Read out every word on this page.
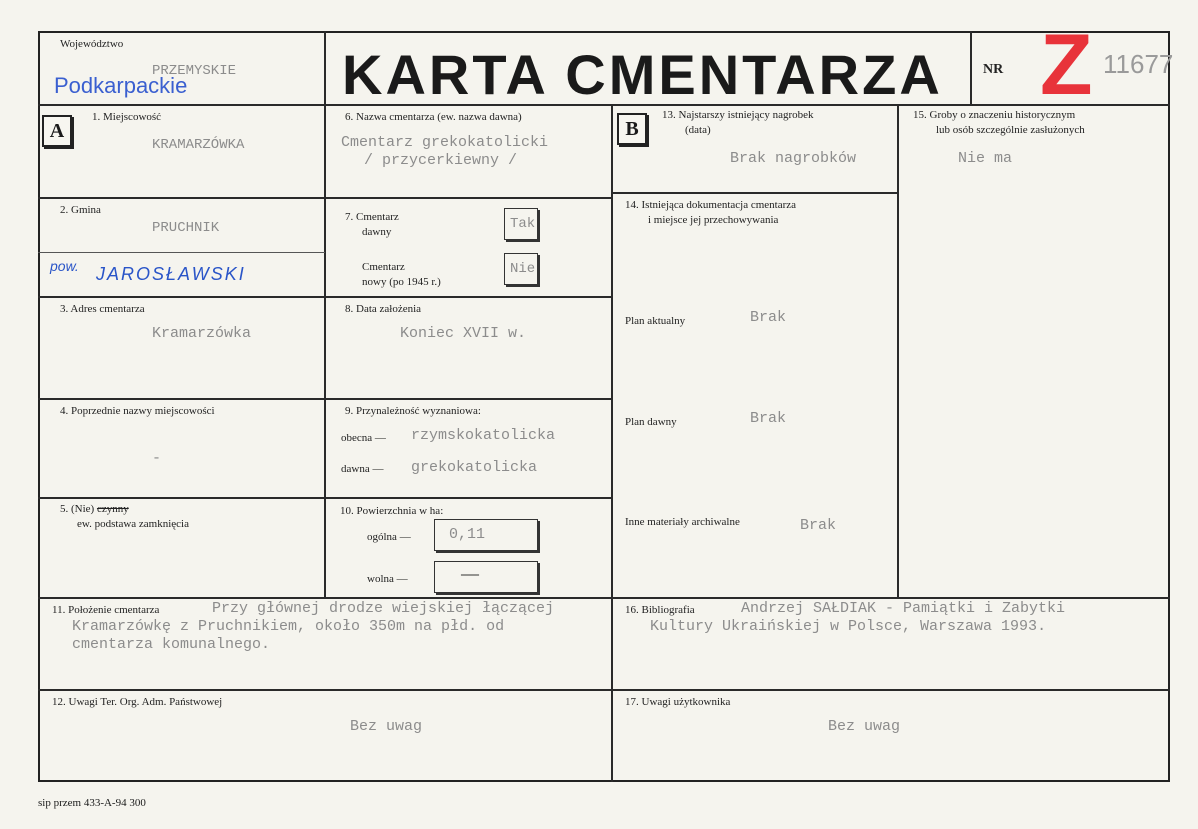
Województwo
PRZEMYSKIE
Podkarpackie	KARTA CMENTARZA	NR Z 11677
A	B
1. Miejscowość
KRAMARZÓWKA
2. Gmina
PRUCHNIK
pow. JAROSŁAWSKI
3. Adres cmentarza
Kramarzówka
4. Poprzednie nazwy miejscowości
-
5. (Nie) czynny
ew. podstawa zamknięcia
6. Nazwa cmentarza (ew. nazwa dawna)
Cmentarz grekokatolicki
/ przycerkiewny /
7. Cmentarz
dawny	Tak
Cmentarz
nowy (po 1945 r.)
Nie
8. Data założenia
Koniec XVII w.
9. Przynależność wyznaniowa:
obecna — rzymskokatolicka
dawna — grekokatolicka
10. Powierzchnia w ha:
ogólna —	0,11
wolna —	——
13. Najstarszy istniejący nagrobek
(data)
Brak nagrobków
14. Istniejąca dokumentacja cmentarza
i miejsce jej przechowywania
Plan aktualny	Brak
Plan dawny	Brak
Inne materiały archiwalne	Brak
15. Groby o znaczeniu historycznym
lub osób szczególnie zasłużonych
Nie ma
11. Położenie cmentarza	Przy głównej drodze wiejskiej łączącej
Kramarzówkę z Pruchnikiem, około 350m na płd. od
cmentarza komunalnego.
16. Bibliografia	Andrzej SAŁDIAK - Pamiątki i Zabytki
Kultury Ukraińskiej w Polsce, Warszawa 1993.
12. Uwagi Ter. Org. Adm. Państwowej
Bez uwag
17. Uwagi użytkownika
Bez uwag
sip przem 433-A-94 300
